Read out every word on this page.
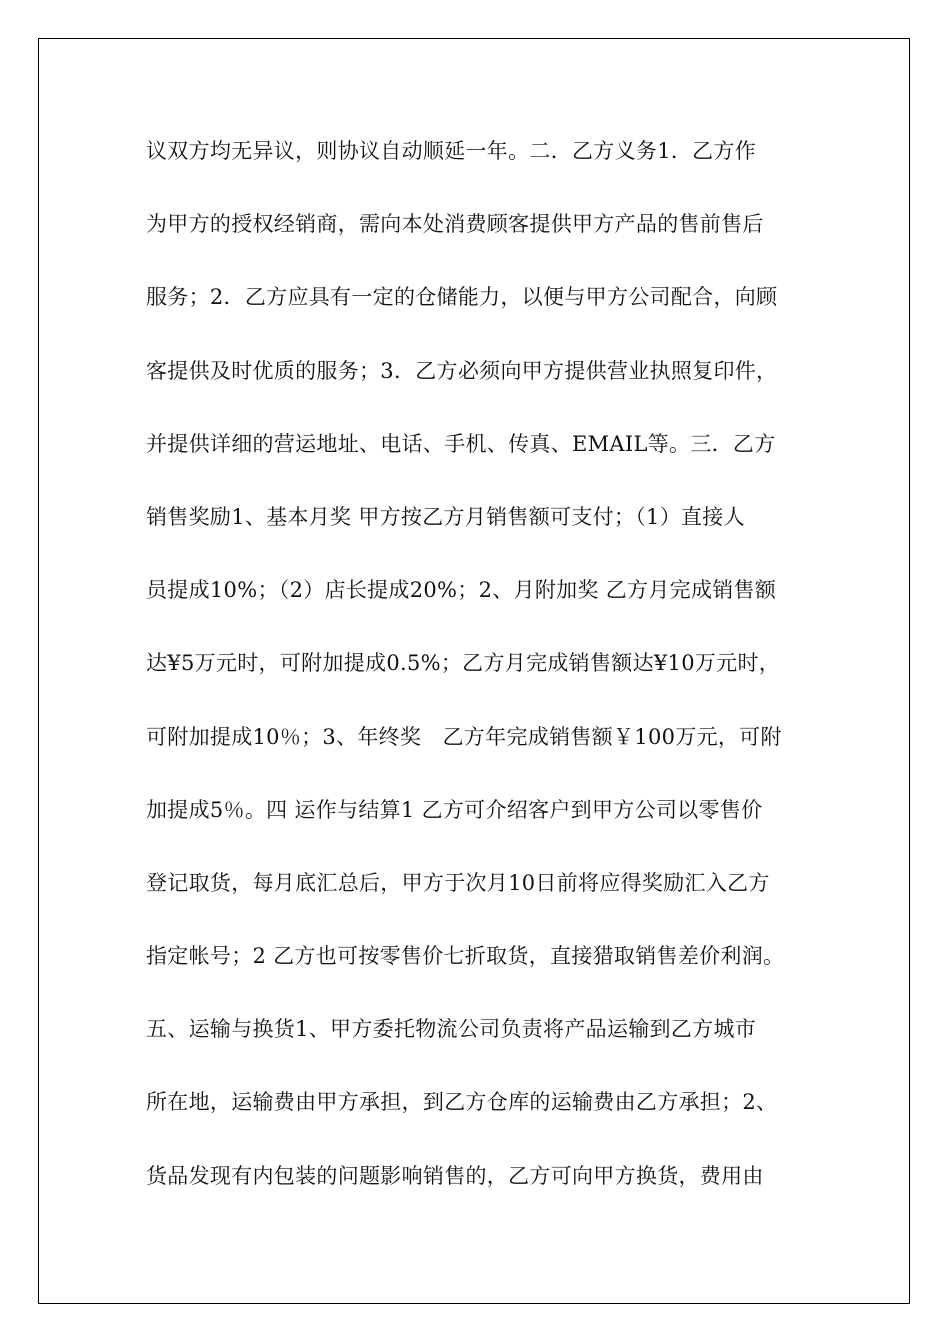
议双方均无异议，则协议自动顺延一年。二．乙方义务1．乙方作
为甲方的授权经销商，需向本处消费顾客提供甲方产品的售前售后
服务；2．乙方应具有一定的仓储能力，以便与甲方公司配合，向顾
客提供及时优质的服务；3．乙方必须向甲方提供营业执照复印件，
并提供详细的营运地址、电话、手机、传真、EMAIL等。三．乙方
销售奖励1、基本月奖 甲方按乙方月销售额可支付；（1）直接人
员提成10%；（2）店长提成20%；2、月附加奖 乙方月完成销售额
达¥5万元时，可附加提成0.5%；乙方月完成销售额达¥10万元时，
可附加提成10％；3、年终奖　乙方年完成销售额￥100万元，可附
加提成5％。四 运作与结算1 乙方可介绍客户到甲方公司以零售价
登记取货，每月底汇总后，甲方于次月10日前将应得奖励汇入乙方
指定帐号；2 乙方也可按零售价七折取货，直接猎取销售差价利润。
五、运输与换货1、甲方委托物流公司负责将产品运输到乙方城市
所在地，运输费由甲方承担，到乙方仓库的运输费由乙方承担；2、
货品发现有内包装的问题影响销售的，乙方可向甲方换货，费用由
